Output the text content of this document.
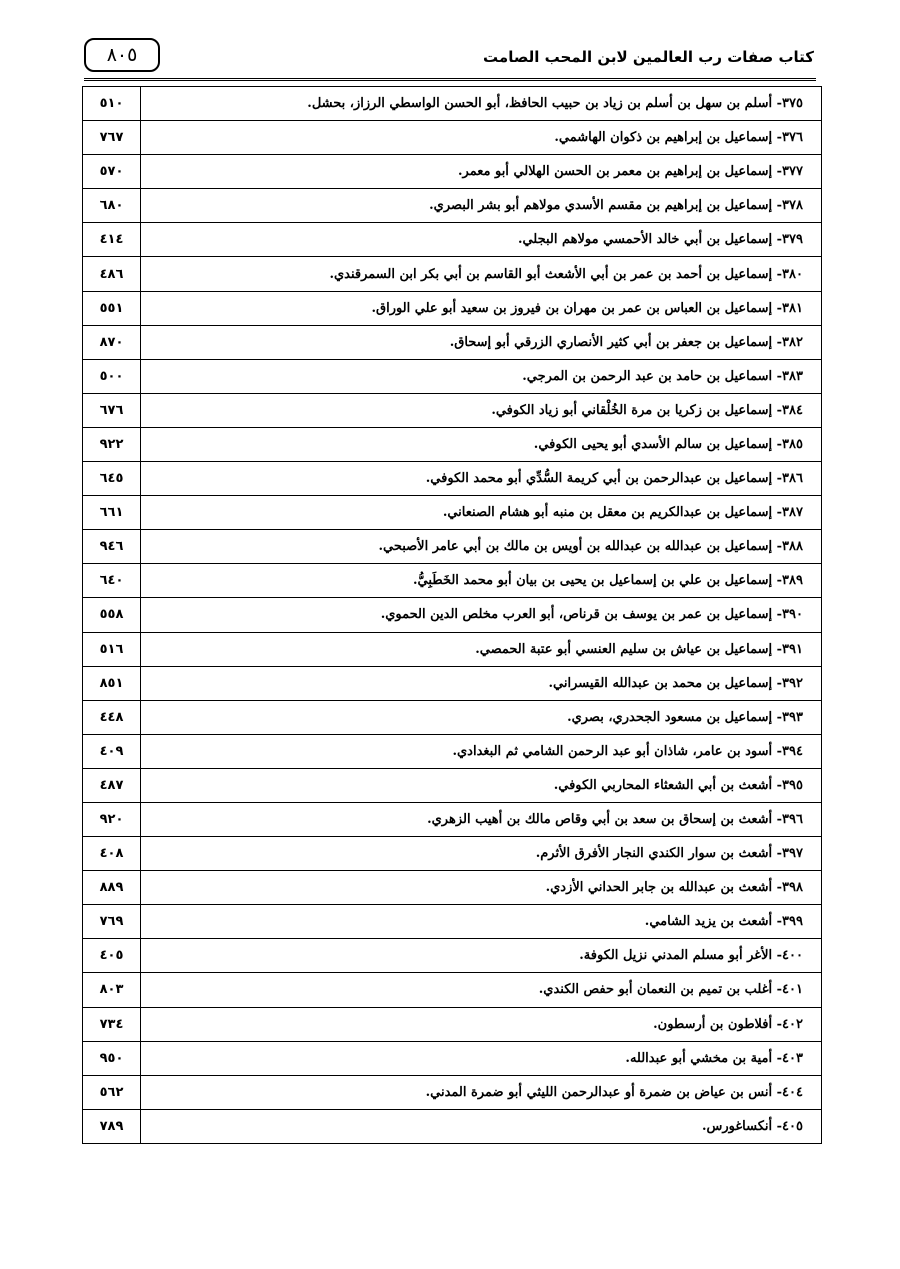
٨٠٥	كتاب صفات رب العالمين لابن المحب الصامت
٥١٠	٣٧٥- أسلم بن سهل بن أسلم بن زياد بن حبيب الحافظ، أبو الحسن الواسطي الرزاز، بحشل.
٧٦٧	٣٧٦- إسماعيل بن إبراهيم بن ذكوان الهاشمي.
٥٧٠	٣٧٧- إسماعيل بن إبراهيم بن معمر بن الحسن الهلالي أبو معمر.
٦٨٠	٣٧٨- إسماعيل بن إبراهيم بن مقسم الأسدي مولاهم أبو بشر البصري.
٤١٤	٣٧٩- إسماعيل بن أبي خالد الأحمسي مولاهم البجلي.
٤٨٦	٣٨٠- إسماعيل بن أحمد بن عمر بن أبي الأشعث أبو القاسم بن أبي بكر ابن السمرقندي.
٥٥١	٣٨١- إسماعيل بن العباس بن عمر بن مهران بن فيروز بن سعيد أبو علي الوراق.
٨٧٠	٣٨٢- إسماعيل بن جعفر بن أبي كثير الأنصاري الزرقي أبو إسحاق.
٥٠٠	٣٨٣- اسماعيل بن حامد بن عبد الرحمن بن المرجي.
٦٧٦	٣٨٤- إسماعيل بن زكريا بن مرة الخُلْقاني أبو زياد الكوفي.
٩٢٢	٣٨٥- إسماعيل بن سالم الأسدي أبو يحيى الكوفي.
٦٤٥	٣٨٦- إسماعيل بن عبدالرحمن بن أبي كريمة السُّدِّي أبو محمد الكوفي.
٦٦١	٣٨٧- إسماعيل بن عبدالكريم بن معقل بن منبه أبو هشام الصنعاني.
٩٤٦	٣٨٨- إسماعيل بن عبدالله بن عبدالله بن أويس بن مالك بن أبي عامر الأصبحي.
٦٤٠	٣٨٩- إسماعيل بن علي بن إسماعيل بن يحيى بن بيان أبو محمد الخَطَبِيُّ.
٥٥٨	٣٩٠- إسماعيل بن عمر بن يوسف بن قرناص، أبو العرب مخلص الدين الحموي.
٥١٦	٣٩١- إسماعيل بن عياش بن سليم العنسي أبو عتبة الحمصي.
٨٥١	٣٩٢- إسماعيل بن محمد بن عبدالله القيسراني.
٤٤٨	٣٩٣- إسماعيل بن مسعود الجحدري، بصري.
٤٠٩	٣٩٤- أسود بن عامر، شاذان أبو عبد الرحمن الشامي ثم البغدادي.
٤٨٧	٣٩٥- أشعث بن أبي الشعثاء المحاربي الكوفي.
٩٢٠	٣٩٦- أشعث بن إسحاق بن سعد بن أبي وقاص مالك بن أهيب الزهري.
٤٠٨	٣٩٧- أشعث بن سوار الكندي النجار الأفرق الأثرم.
٨٨٩	٣٩٨- أشعث بن عبدالله بن جابر الحداني الأزدي.
٧٦٩	٣٩٩- أشعث بن يزيد الشامي.
٤٠٥	٤٠٠- الأغر أبو مسلم المدني نزيل الكوفة.
٨٠٣	٤٠١- أغلب بن تميم بن النعمان أبو حفص الكندي.
٧٣٤	٤٠٢- أفلاطون بن أرسطون.
٩٥٠	٤٠٣- أمية بن مخشي أبو عبدالله.
٥٦٢	٤٠٤- أنس بن عياض بن ضمرة أو عبدالرحمن الليثي أبو ضمرة المدني.
٧٨٩	٤٠٥- أنكساغورس.
